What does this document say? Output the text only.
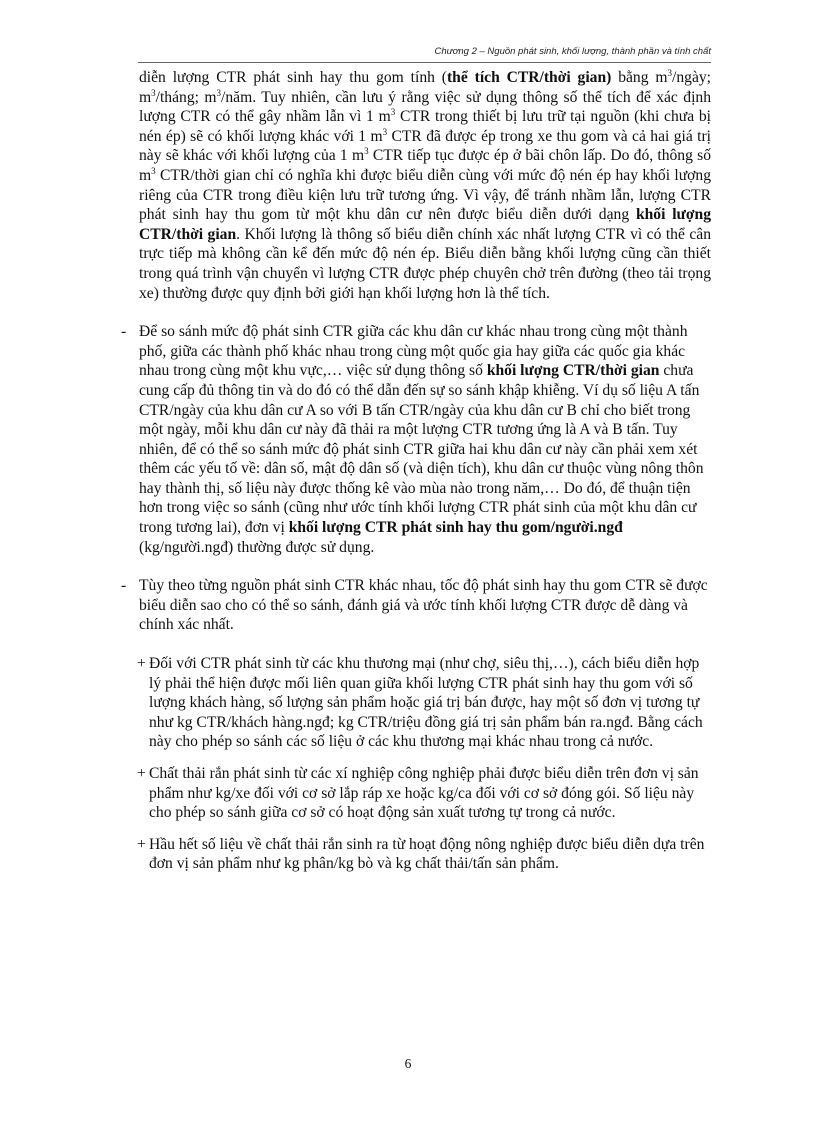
Chương 2 – Nguồn phát sinh, khối lượng, thành phần và tính chất

diễn lượng CTR phát sinh hay thu gom tính (thể tích CTR/thời gian) bằng $m^3$/ngày; $m^3$/tháng; $m^3$/năm. Tuy nhiên, cần lưu ý rằng việc sử dụng thông số thể tích để xác định lượng CTR có thể gây nhầm lẫn vì 1 $m^3$ CTR trong thiết bị lưu trữ tại nguồn (khi chưa bị nén ép) sẽ có khối lượng khác với 1 $m^3$ CTR đã được ép trong xe thu gom và cả hai giá trị này sẽ khác với khối lượng của 1 $m^3$ CTR tiếp tục được ép ở bãi chôn lấp. Do đó, thông số $m^3$ CTR/thời gian chỉ có nghĩa khi được biểu diễn cùng với mức độ nén ép hay khối lượng riêng của CTR trong điều kiện lưu trữ tương ứng. Vì vậy, để tránh nhầm lẫn, lượng CTR phát sinh hay thu gom từ một khu dân cư nên được biểu diễn dưới dạng khối lượng CTR/thời gian. Khối lượng là thông số biểu diễn chính xác nhất lượng CTR vì có thể cân trực tiếp mà không cần kể đến mức độ nén ép. Biểu diễn bằng khối lượng cũng cần thiết trong quá trình vận chuyển vì lượng CTR được phép chuyên chở trên đường (theo tải trọng xe) thường được quy định bởi giới hạn khối lượng hơn là thể tích.

- Để so sánh mức độ phát sinh CTR giữa các khu dân cư khác nhau trong cùng một thành phố, giữa các thành phố khác nhau trong cùng một quốc gia hay giữa các quốc gia khác nhau trong cùng một khu vực,… việc sử dụng thông số khối lượng CTR/thời gian chưa cung cấp đủ thông tin và do đó có thể dẫn đến sự so sánh khập khiễng. Ví dụ số liệu A tấn CTR/ngày của khu dân cư A so với B tấn CTR/ngày của khu dân cư B chỉ cho biết trong một ngày, mỗi khu dân cư này đã thải ra một lượng CTR tương ứng là A và B tấn. Tuy nhiên, để có thể so sánh mức độ phát sinh CTR giữa hai khu dân cư này cần phải xem xét thêm các yếu tố về: dân số, mật độ dân số (và diện tích), khu dân cư thuộc vùng nông thôn hay thành thị, số liệu này được thống kê vào mùa nào trong năm,… Do đó, để thuận tiện hơn trong việc so sánh (cũng như ước tính khối lượng CTR phát sinh của một khu dân cư trong tương lai), đơn vị khối lượng CTR phát sinh hay thu gom/người.ngđ (kg/người.ngđ) thường được sử dụng.

- Tùy theo từng nguồn phát sinh CTR khác nhau, tốc độ phát sinh hay thu gom CTR sẽ được biểu diễn sao cho có thể so sánh, đánh giá và ước tính khối lượng CTR được dễ dàng và chính xác nhất.

+ Đối với CTR phát sinh từ các khu thương mại (như chợ, siêu thị,…), cách biểu diễn hợp lý phải thể hiện được mối liên quan giữa khối lượng CTR phát sinh hay thu gom với số lượng khách hàng, số lượng sản phẩm hoặc giá trị bán được, hay một số đơn vị tương tự như kg CTR/khách hàng.ngđ; kg CTR/triệu đồng giá trị sản phẩm bán ra.ngđ. Bằng cách này cho phép so sánh các số liệu ở các khu thương mại khác nhau trong cả nước.

+ Chất thải rắn phát sinh từ các xí nghiệp công nghiệp phải được biểu diễn trên đơn vị sản phẩm như kg/xe đối với cơ sở lắp ráp xe hoặc kg/ca đối với cơ sở đóng gói. Số liệu này cho phép so sánh giữa cơ sở có hoạt động sản xuất tương tự trong cả nước.

+ Hầu hết số liệu về chất thải rắn sinh ra từ hoạt động nông nghiệp được biểu diễn dựa trên đơn vị sản phẩm như kg phân/kg bò và kg chất thải/tấn sản phẩm.

6
